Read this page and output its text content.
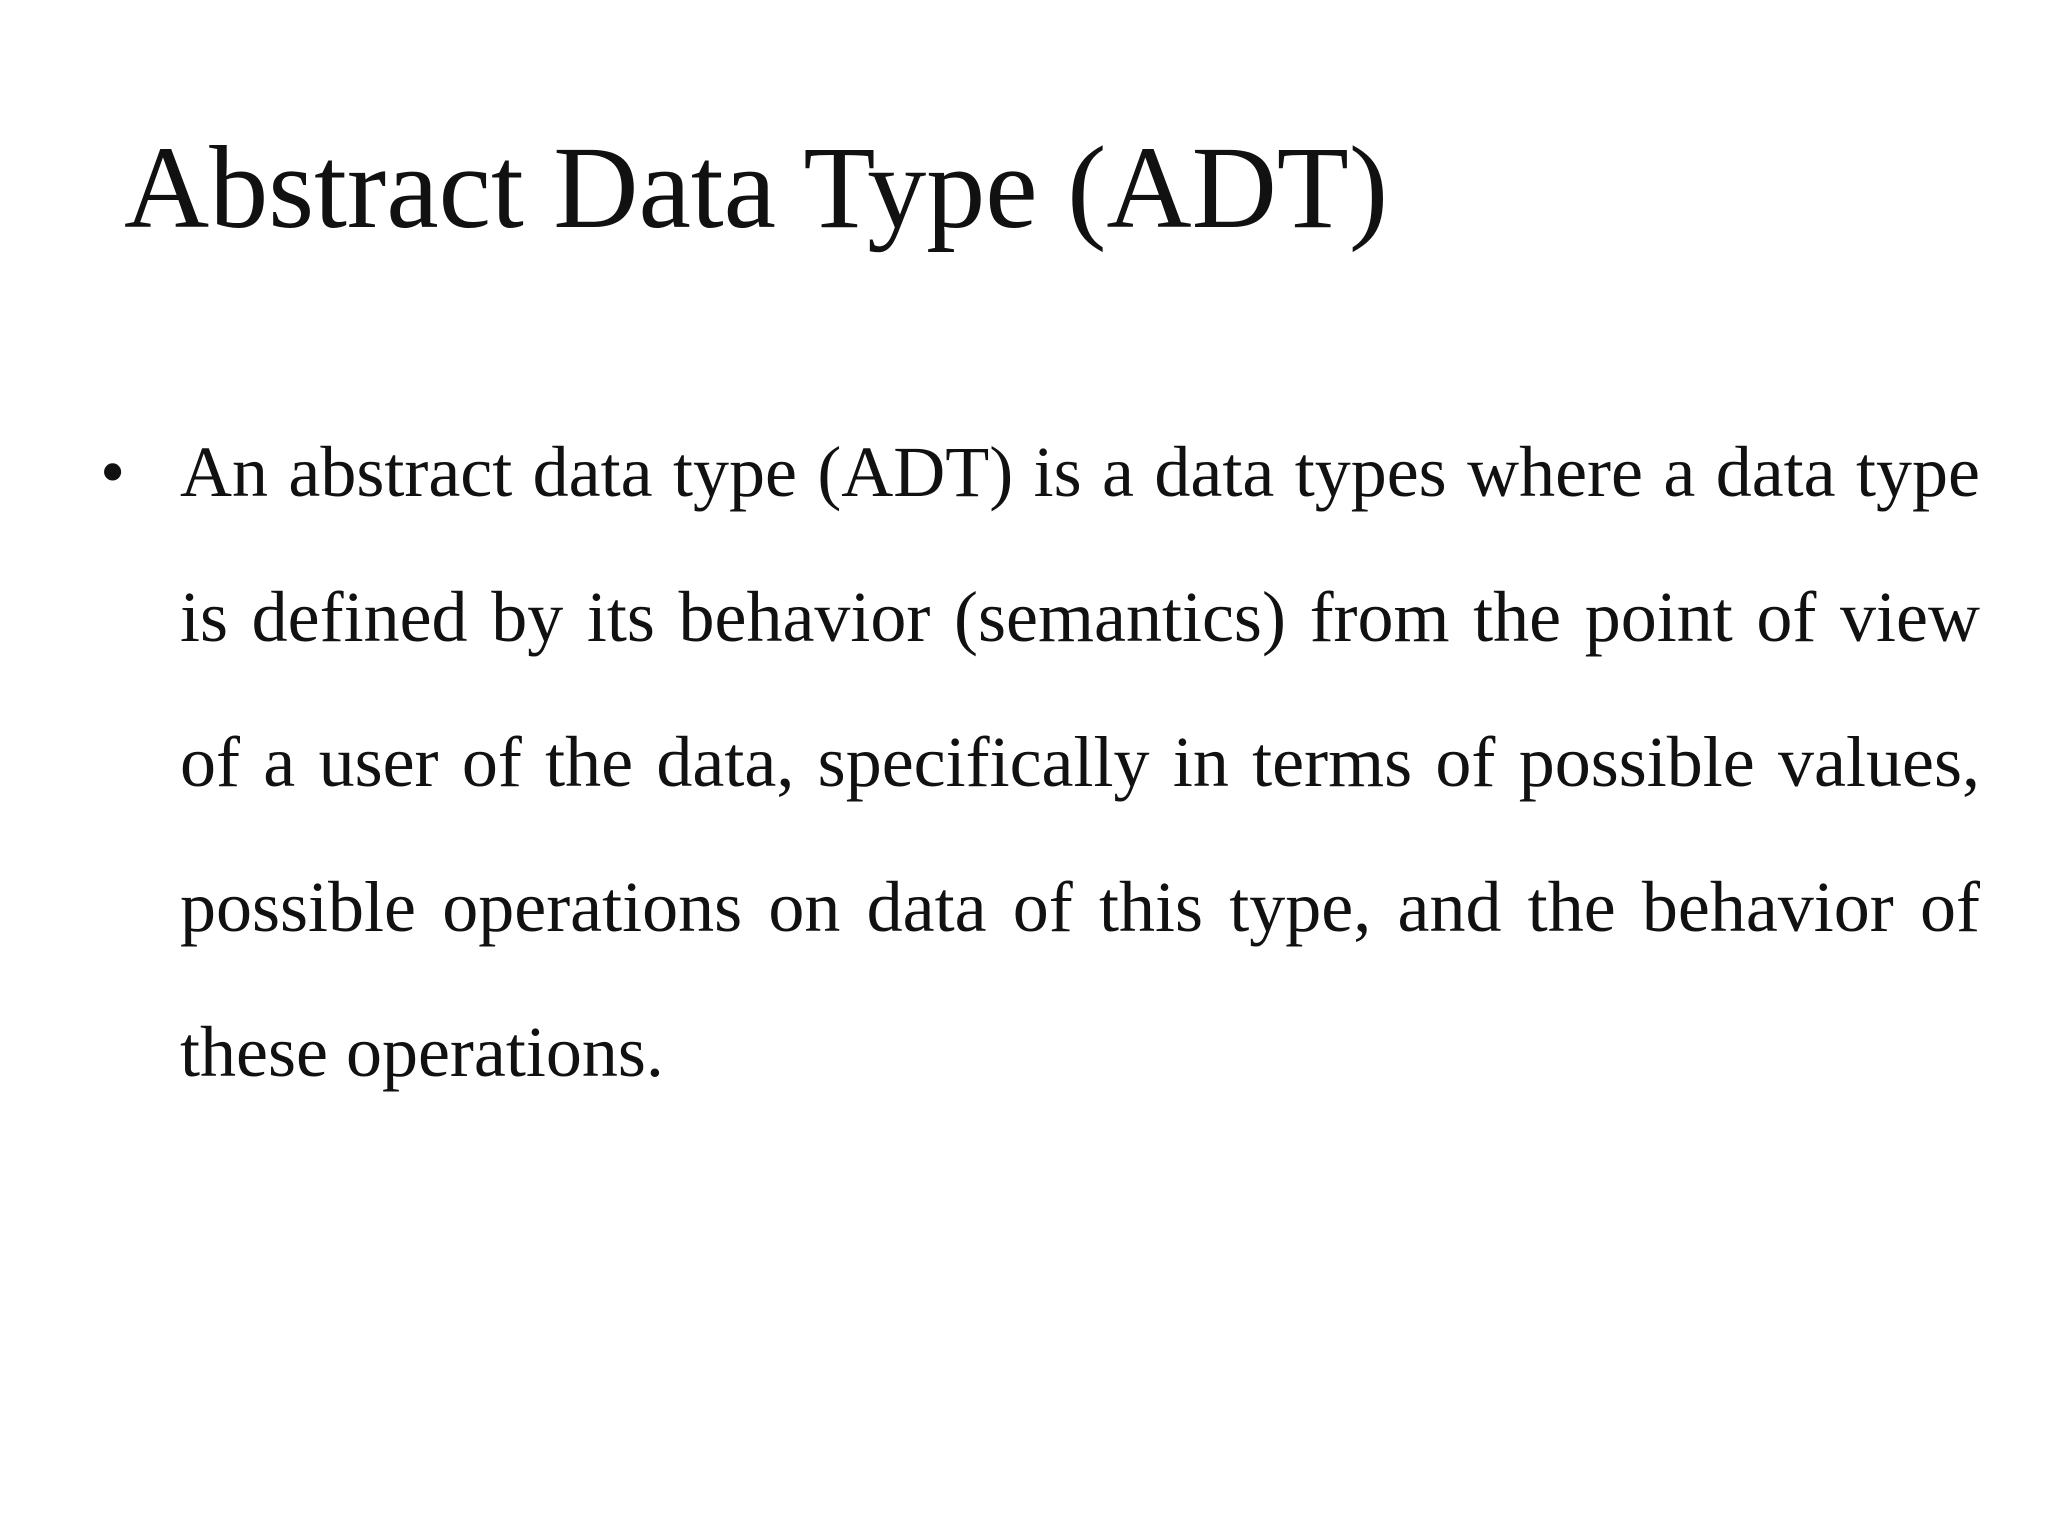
Abstract Data Type (ADT)
• An abstract data type (ADT) is a data types where a data type is defined by its behavior (semantics) from the point of view of a user of the data, specifically in terms of possible values, possible operations on data of this type, and the behavior of these operations.
